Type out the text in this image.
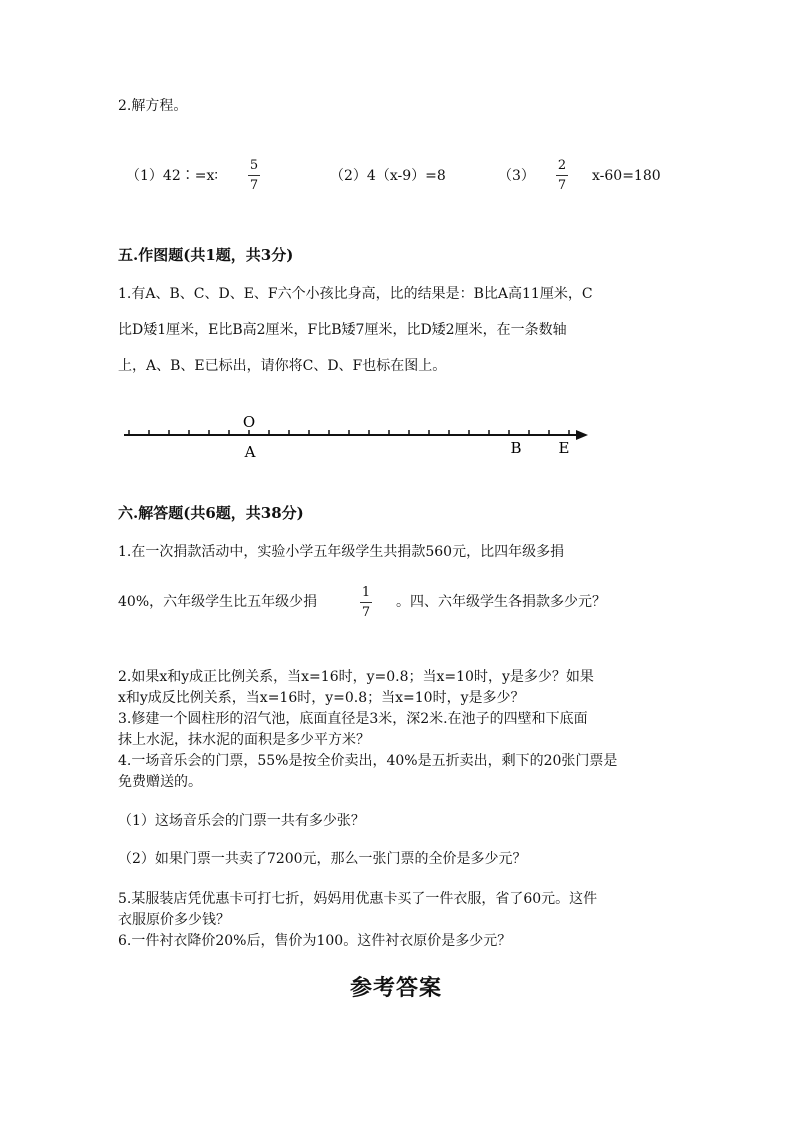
2.解方程。
（1）42∶=x∶
5
7
（2）4（x-9）=8	（3）
2
7
x-60=180
五.作图题(共1题，共3分)
1.有A、B、C、D、E、F六个小孩比身高，比的结果是：B比A高11厘米，C
比D矮1厘米，E比B高2厘米，F比B矮7厘米，比D矮2厘米，在一条数轴
上，A、B、E已标出，请你将C、D、F也标在图上。
O
A	B E
六.解答题(共6题，共38分)
1.在一次捐款活动中，实验小学五年级学生共捐款560元，比四年级多捐
40%，六年级学生比五年级少捐
1
7
。四、六年级学生各捐款多少元？
2.如果x和y成正比例关系，当x=16时，y=0.8；当x=10时，y是多少？如果
x和y成反比例关系，当x=16时，y=0.8；当x=10时，y是多少？
3.修建一个圆柱形的沼气池，底面直径是3米，深2米.在池子的四壁和下底面
抹上水泥，抹水泥的面积是多少平方米？
4.一场音乐会的门票，55%是按全价卖出，40%是五折卖出，剩下的20张门票是
免费赠送的。
（1）这场音乐会的门票一共有多少张？
（2）如果门票一共卖了7200元，那么一张门票的全价是多少元？
5.某服装店凭优惠卡可打七折，妈妈用优惠卡买了一件衣服，省了60元。这件
衣服原价多少钱？
6.一件衬衣降价20%后，售价为100。这件衬衣原价是多少元？
参考答案
